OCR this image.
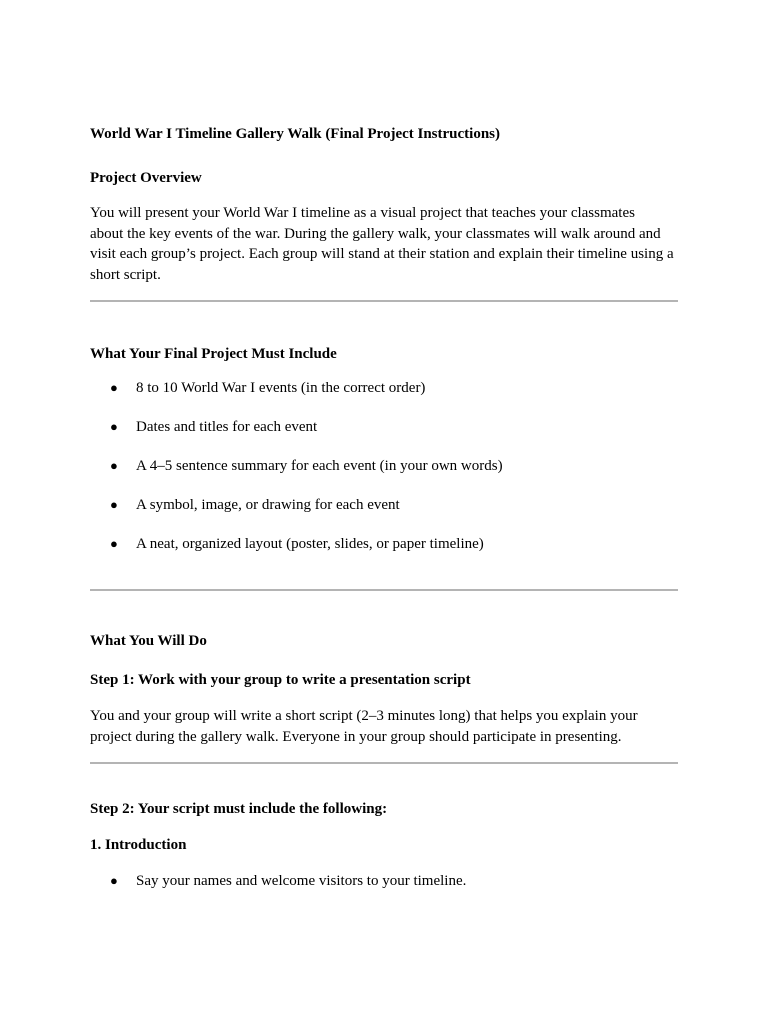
World War I Timeline Gallery Walk (Final Project Instructions)
Project Overview
You will present your World War I timeline as a visual project that teaches your classmates
about the key events of the war. During the gallery walk, your classmates will walk around and
visit each group’s project. Each group will stand at their station and explain their timeline using a
short script.
What Your Final Project Must Include
● 8 to 10 World War I events (in the correct order)
● Dates and titles for each event
● A 4–5 sentence summary for each event (in your own words)
● A symbol, image, or drawing for each event
● A neat, organized layout (poster, slides, or paper timeline)
What You Will Do
Step 1: Work with your group to write a presentation script
You and your group will write a short script (2–3 minutes long) that helps you explain your
project during the gallery walk. Everyone in your group should participate in presenting.
Step 2: Your script must include the following:
1. Introduction
● Say your names and welcome visitors to your timeline.
